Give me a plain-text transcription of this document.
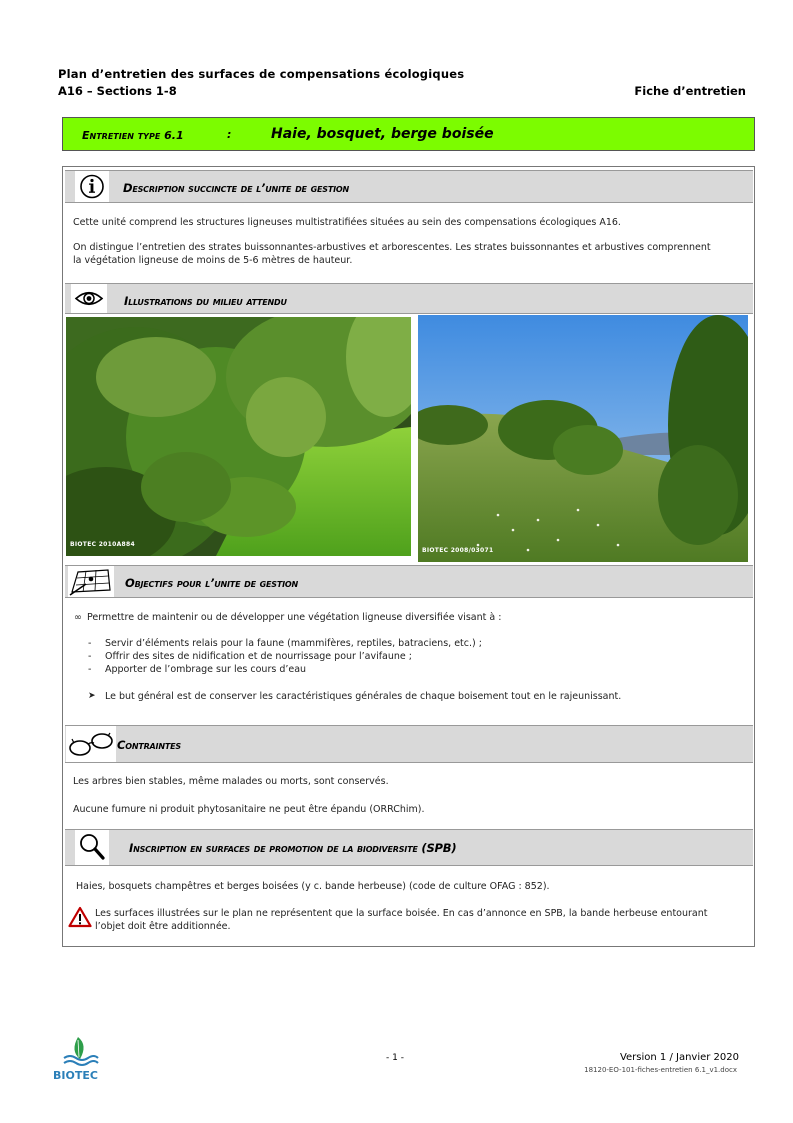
Plan d’entretien des surfaces de compensations écologiques
A16 – Sections 1-8	Fiche d’entretien
Entretien type 6.1	:	Haie, bosquet, berge boisée
Description succincte de l’unite de gestion
Cette unité comprend les structures ligneuses multistratifiées situées au sein des compensations écologiques A16.
On distingue l’entretien des strates buissonnantes-arbustives et arborescentes. Les strates buissonnantes et arbustives comprennent
la végétation ligneuse de moins de 5-6 mètres de hauteur.
Illustrations du milieu attendu
BIOTEC 2010A884
BIOTEC 2008/03071
Objectifs pour l’unite de gestion
∞ Permettre de maintenir ou de développer une végétation ligneuse diversifiée visant à :
- Servir d’éléments relais pour la faune (mammifères, reptiles, batraciens, etc.) ;
- Offrir des sites de nidification et de nourrissage pour l’avifaune ;
- Apporter de l’ombrage sur les cours d’eau
➤ Le but général est de conserver les caractéristiques générales de chaque boisement tout en le rajeunissant.
Contraintes
Les arbres bien stables, même malades ou morts, sont conservés.
Aucune fumure ni produit phytosanitaire ne peut être épandu (ORRChim).
Inscription en surfaces de promotion de la biodiversite (SPB)
Haies, bosquets champêtres et berges boisées (y c. bande herbeuse) (code de culture OFAG : 852).
Les surfaces illustrées sur le plan ne représentent que la surface boisée. En cas d’annonce en SPB, la bande herbeuse entourant
l’objet doit être additionnée.
BIOTEC
- 1 -	Version 1 / Janvier 2020
18120-EO-101-fiches-entretien 6.1_v1.docx
